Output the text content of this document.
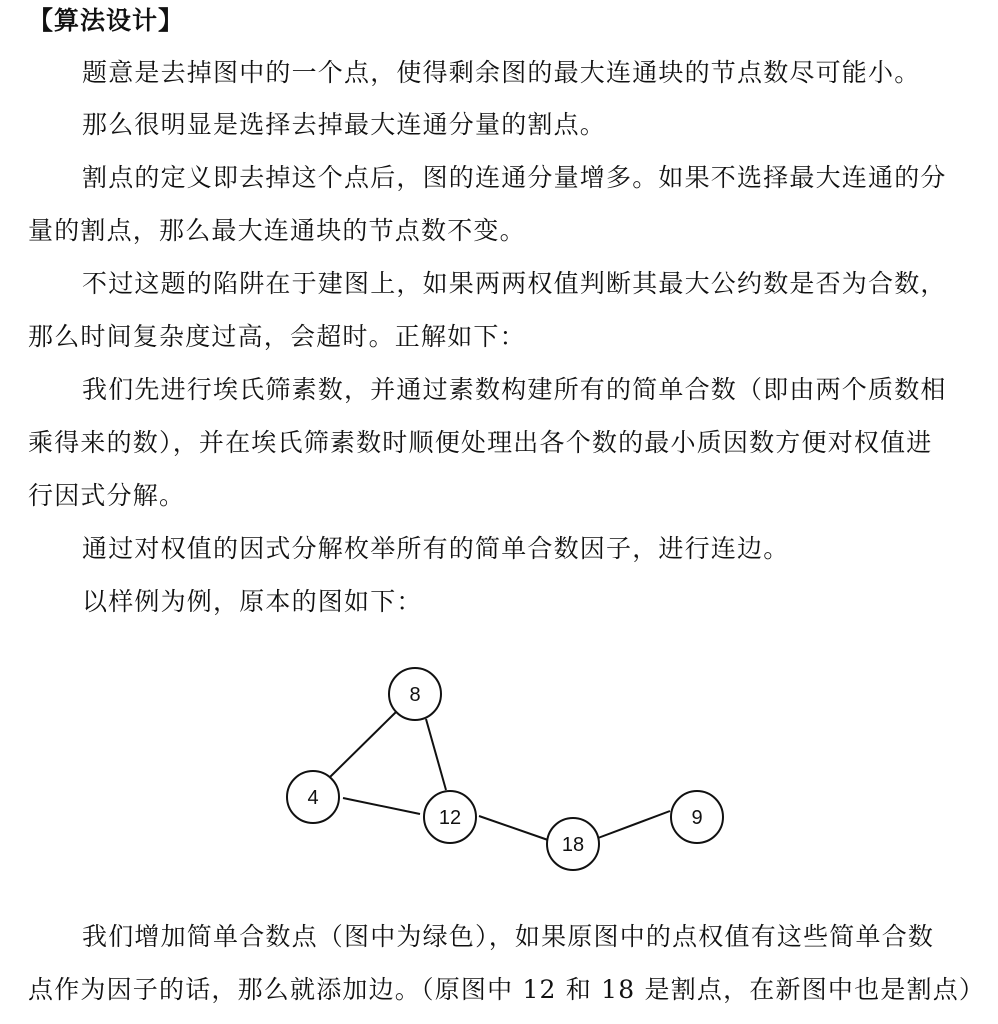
【算法设计】
题意是去掉图中的一个点，使得剩余图的最大连通块的节点数尽可能小。
那么很明显是选择去掉最大连通分量的割点。
割点的定义即去掉这个点后，图的连通分量增多。如果不选择最大连通的分
量的割点，那么最大连通块的节点数不变。
不过这题的陷阱在于建图上，如果两两权值判断其最大公约数是否为合数，
那么时间复杂度过高，会超时。正解如下：
我们先进行埃氏筛素数，并通过素数构建所有的简单合数（即由两个质数相
乘得来的数），并在埃氏筛素数时顺便处理出各个数的最小质因数方便对权值进
行因式分解。
通过对权值的因式分解枚举所有的简单合数因子，进行连边。
以样例为例，原本的图如下：
8
4
12
18
9
我们增加简单合数点（图中为绿色），如果原图中的点权值有这些简单合数
点作为因子的话，那么就添加边。（原图中 12 和 18 是割点，在新图中也是割点）
